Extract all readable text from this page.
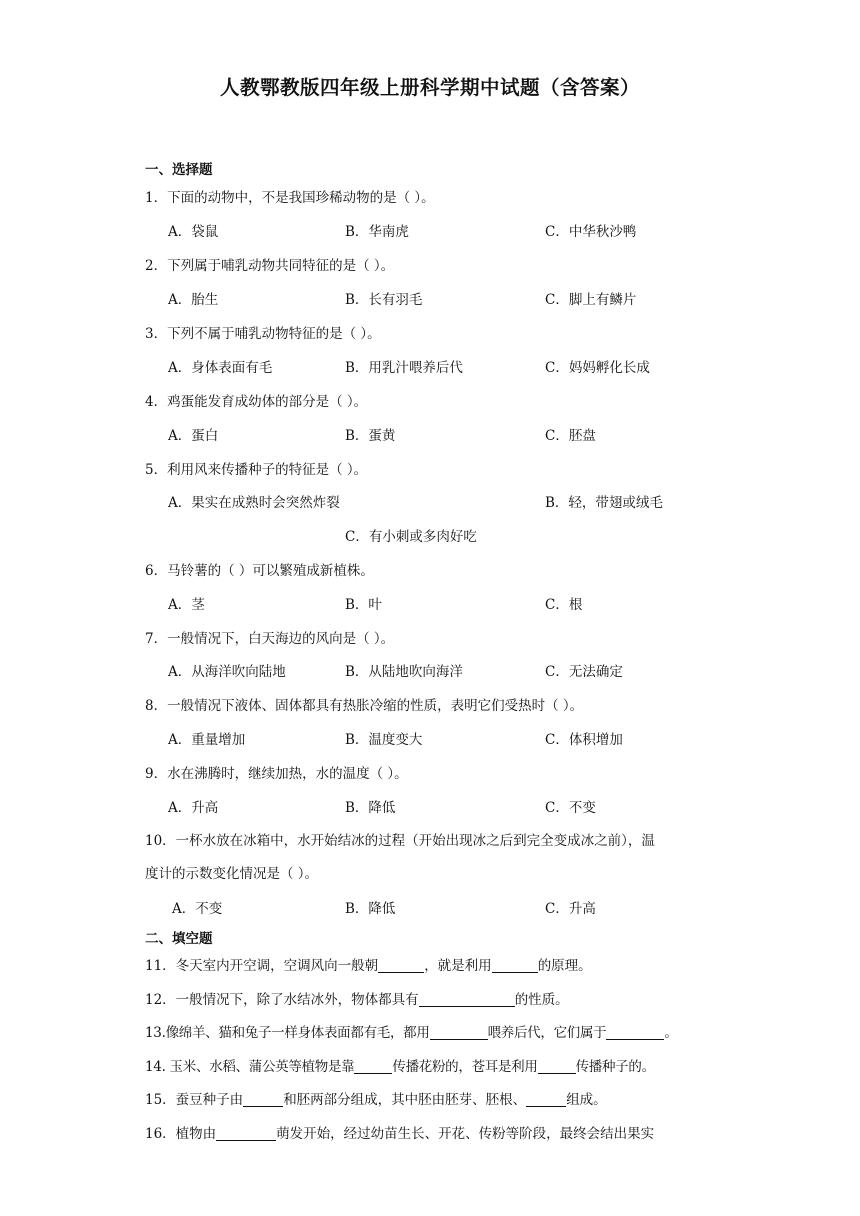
人教鄂教版四年级上册科学期中试题（含答案）
一、选择题
1．下面的动物中，不是我国珍稀动物的是（ ）。
A．袋鼠	B．华南虎	C．中华秋沙鸭
2．下列属于哺乳动物共同特征的是（ ）。
A．胎生	B．长有羽毛	C．脚上有鳞片
3．下列不属于哺乳动物特征的是（ ）。
A．身体表面有毛	B．用乳汁喂养后代	C．妈妈孵化长成
4．鸡蛋能发育成幼体的部分是（ ）。
A．蛋白	B．蛋黄	C．胚盘
5．利用风来传播种子的特征是（ ）。
A．果实在成熟时会突然炸裂	B．轻，带翅或绒毛
C．有小刺或多肉好吃
6．马铃薯的（ ）可以繁殖成新植株。
A．茎	B．叶	C．根
7．一般情况下，白天海边的风向是（ ）。
A．从海洋吹向陆地	B．从陆地吹向海洋	C．无法确定
8．一般情况下液体、固体都具有热胀冷缩的性质，表明它们受热时（ ）。
A．重量增加	B．温度变大	C．体积增加
9．水在沸腾时，继续加热，水的温度（ ）。
A．升高	B．降低	C．不变
10．一杯水放在冰箱中，水开始结冰的过程（开始出现冰之后到完全变成冰之前），温
度计的示数变化情况是（ ）。
A．不变	B．降低	C．升高
二、填空题
11．冬天室内开空调，空调风向一般朝	，就是利用	的原理。
12．一般情况下，除了水结冰外，物体都具有	的性质。
13.像绵羊、猫和兔子一样身体表面都有毛，都用	喂养后代，它们属于	。
14. 玉米、水稻、蒲公英等植物是靠	传播花粉的，苍耳是利用	传播种子的。
15．蚕豆种子由	和胚两部分组成，其中胚由胚芽、胚根、	组成。
16．植物由	萌发开始，经过幼苗生长、开花、传粉等阶段，最终会结出果实
